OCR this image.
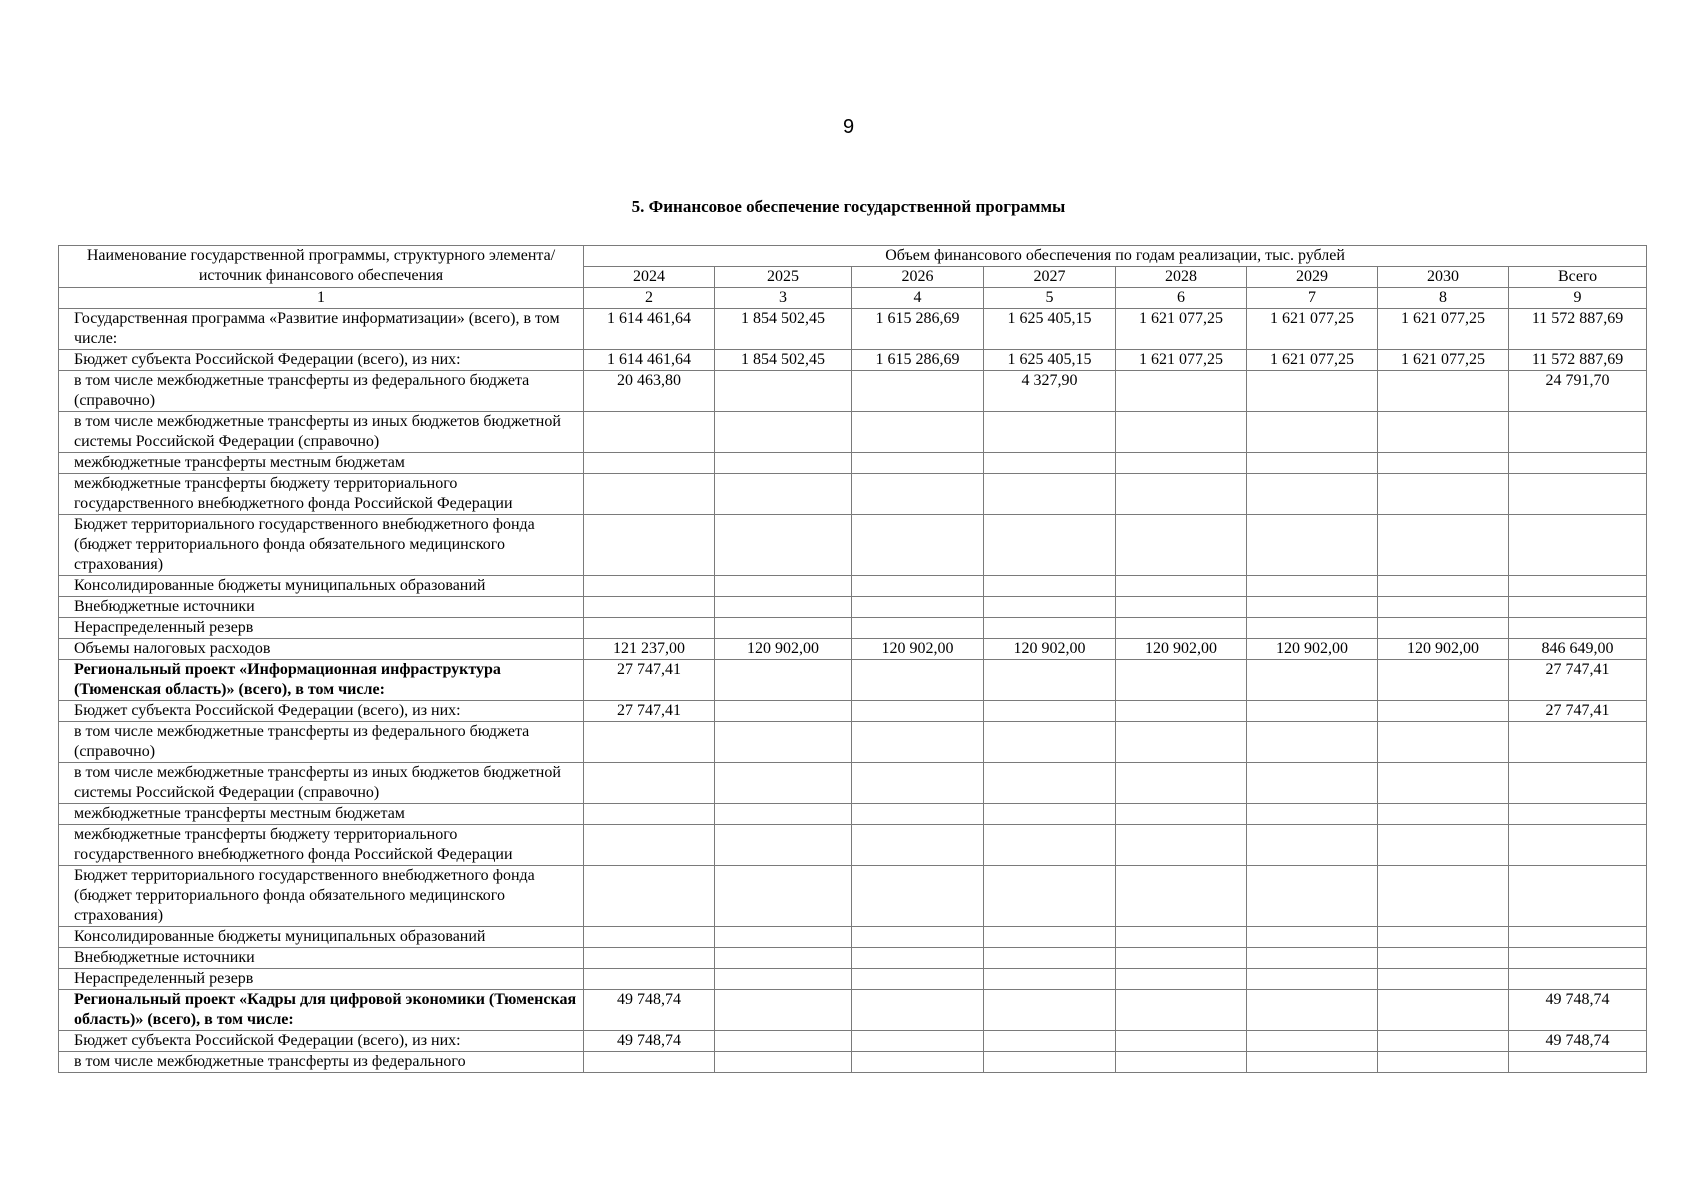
9
5. Финансовое обеспечение государственной программы
Наименование государственной программы, структурного элемента/источник финансового обеспечения	Объем финансового обеспечения по годам реализации, тыс. рублей							
	2024	2025	2026	2027	2028	2029	2030	Всего
1	2	3	4	5	6	7	8	9
Государственная программа «Развитие информатизации» (всего), в том числе:	1 614 461,64	1 854 502,45	1 615 286,69	1 625 405,15	1 621 077,25	1 621 077,25	1 621 077,25	11 572 887,69
Бюджет субъекта Российской Федерации (всего), из них:	1 614 461,64	1 854 502,45	1 615 286,69	1 625 405,15	1 621 077,25	1 621 077,25	1 621 077,25	11 572 887,69
в том числе межбюджетные трансферты из федерального бюджета (справочно)	20 463,80			4 327,90				24 791,70
в том числе межбюджетные трансферты из иных бюджетов бюджетной системы Российской Федерации (справочно)								
межбюджетные трансферты местным бюджетам								
межбюджетные трансферты бюджету территориального государственного внебюджетного фонда Российской Федерации								
Бюджет территориального государственного внебюджетного фонда (бюджет территориального фонда обязательного медицинского страхования)								
Консолидированные бюджеты муниципальных образований								
Внебюджетные источники								
Нераспределенный резерв								
Объемы налоговых расходов	121 237,00	120 902,00	120 902,00	120 902,00	120 902,00	120 902,00	120 902,00	846 649,00
Региональный проект «Информационная инфраструктура (Тюменская область)» (всего), в том числе:	27 747,41							27 747,41
Бюджет субъекта Российской Федерации (всего), из них:	27 747,41							27 747,41
в том числе межбюджетные трансферты из федерального бюджета (справочно)								
в том числе межбюджетные трансферты из иных бюджетов бюджетной системы Российской Федерации (справочно)								
межбюджетные трансферты местным бюджетам								
межбюджетные трансферты бюджету территориального государственного внебюджетного фонда Российской Федерации								
Бюджет территориального государственного внебюджетного фонда (бюджет территориального фонда обязательного медицинского страхования)								
Консолидированные бюджеты муниципальных образований								
Внебюджетные источники								
Нераспределенный резерв								
Региональный проект «Кадры для цифровой экономики (Тюменская область)» (всего), в том числе:	49 748,74							49 748,74
Бюджет субъекта Российской Федерации (всего), из них:	49 748,74							49 748,74
в том числе межбюджетные трансферты из федерального								
